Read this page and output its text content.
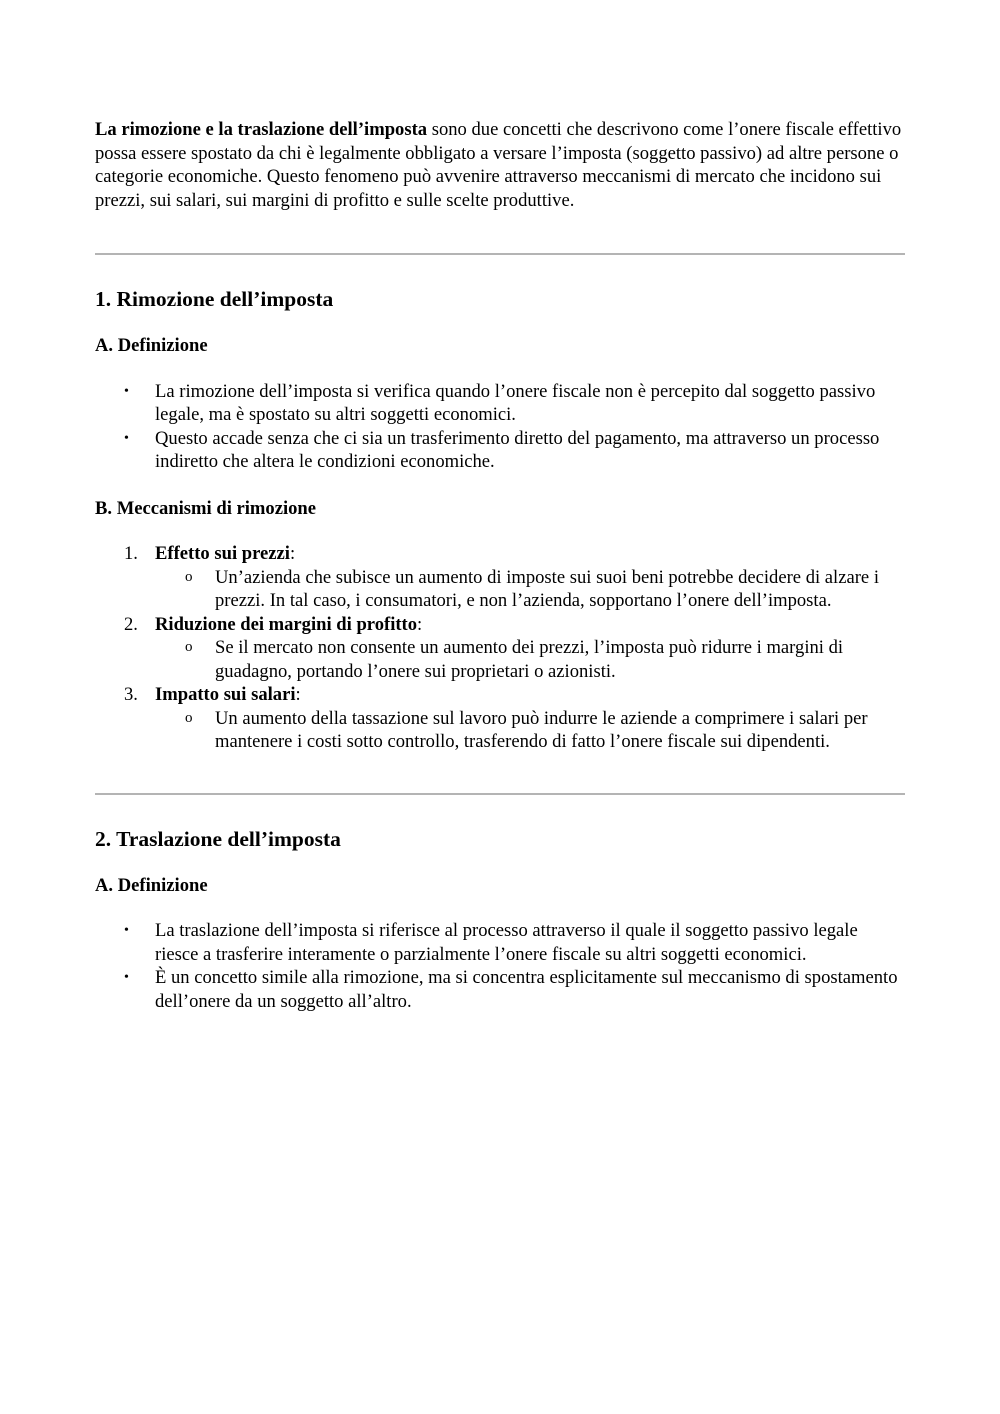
La rimozione e la traslazione dell’imposta sono due concetti che descrivono come l’onere fiscale effettivo possa essere spostato da chi è legalmente obbligato a versare l’imposta (soggetto passivo) ad altre persone o categorie economiche. Questo fenomeno può avvenire attraverso meccanismi di mercato che incidono sui prezzi, sui salari, sui margini di profitto e sulle scelte produttive.

1. Rimozione dell’imposta
A. Definizione
• La rimozione dell’imposta si verifica quando l’onere fiscale non è percepito dal soggetto passivo legale, ma è spostato su altri soggetti economici.
• Questo accade senza che ci sia un trasferimento diretto del pagamento, ma attraverso un processo indiretto che altera le condizioni economiche.
B. Meccanismi di rimozione
1. Effetto sui prezzi:
o Un’azienda che subisce un aumento di imposte sui suoi beni potrebbe decidere di alzare i prezzi. In tal caso, i consumatori, e non l’azienda, sopportano l’onere dell’imposta.
2. Riduzione dei margini di profitto:
o Se il mercato non consente un aumento dei prezzi, l’imposta può ridurre i margini di guadagno, portando l’onere sui proprietari o azionisti.
3. Impatto sui salari:
o Un aumento della tassazione sul lavoro può indurre le aziende a comprimere i salari per mantenere i costi sotto controllo, trasferendo di fatto l’onere fiscale sui dipendenti.
2. Traslazione dell’imposta
A. Definizione
• La traslazione dell’imposta si riferisce al processo attraverso il quale il soggetto passivo legale riesce a trasferire interamente o parzialmente l’onere fiscale su altri soggetti economici.
• È un concetto simile alla rimozione, ma si concentra esplicitamente sul meccanismo di spostamento dell’onere da un soggetto all’altro.
